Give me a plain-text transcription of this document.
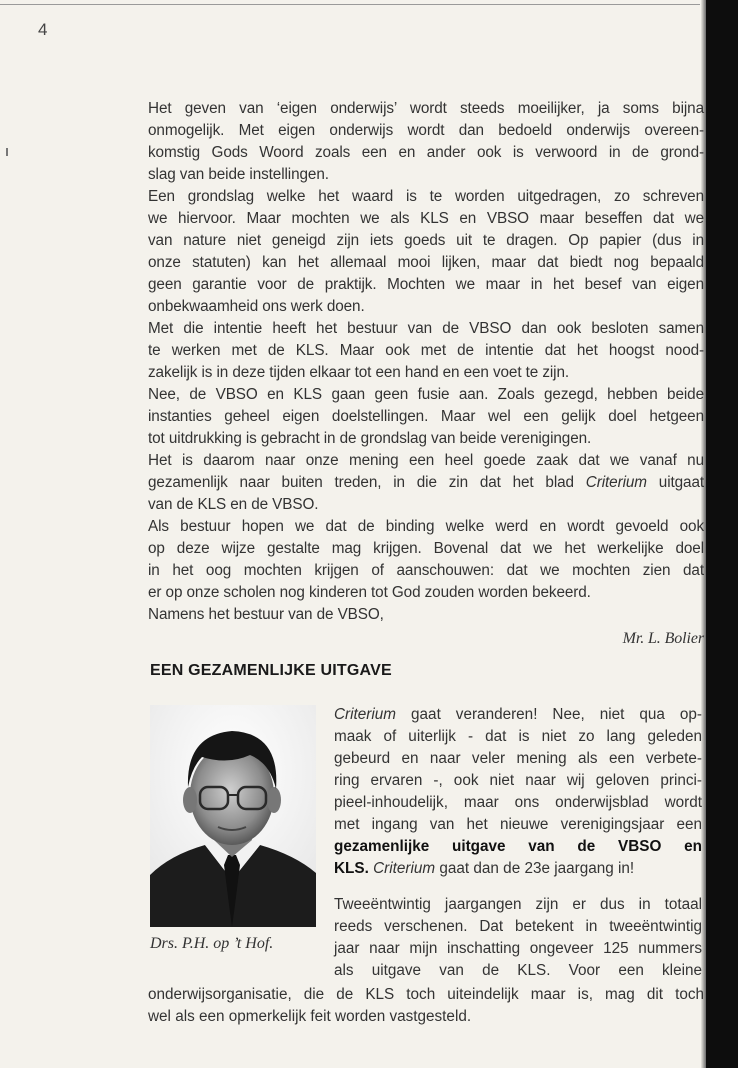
4
Het geven van ‘eigen onderwijs’ wordt steeds moeilijker, ja soms bijna
onmogelijk. Met eigen onderwijs wordt dan bedoeld onderwijs overeen-
komstig Gods Woord zoals een en ander ook is verwoord in de grond-
slag van beide instellingen.
Een grondslag welke het waard is te worden uitgedragen, zo schreven
we hiervoor. Maar mochten we als KLS en VBSO maar beseffen dat we
van nature niet geneigd zijn iets goeds uit te dragen. Op papier (dus in
onze statuten) kan het allemaal mooi lijken, maar dat biedt nog bepaald
geen garantie voor de praktijk. Mochten we maar in het besef van eigen
onbekwaamheid ons werk doen.
Met die intentie heeft het bestuur van de VBSO dan ook besloten samen
te werken met de KLS. Maar ook met de intentie dat het hoogst nood-
zakelijk is in deze tijden elkaar tot een hand en een voet te zijn.
Nee, de VBSO en KLS gaan geen fusie aan. Zoals gezegd, hebben beide
instanties geheel eigen doelstellingen. Maar wel een gelijk doel hetgeen
tot uitdrukking is gebracht in de grondslag van beide verenigingen.
Het is daarom naar onze mening een heel goede zaak dat we vanaf nu
gezamenlijk naar buiten treden, in die zin dat het blad Criterium uitgaat
van de KLS en de VBSO.
Als bestuur hopen we dat de binding welke werd en wordt gevoeld ook
op deze wijze gestalte mag krijgen. Bovenal dat we het werkelijke doel
in het oog mochten krijgen of aanschouwen: dat we mochten zien dat
er op onze scholen nog kinderen tot God zouden worden bekeerd.
Namens het bestuur van de VBSO,
Mr. L. Bolier
EEN GEZAMENLIJKE UITGAVE
Drs. P.H. op ’t Hof.
Criterium gaat veranderen! Nee, niet qua op-
maak of uiterlijk - dat is niet zo lang geleden
gebeurd en naar veler mening als een verbete-
ring ervaren -, ook niet naar wij geloven princi-
pieel-inhoudelijk, maar ons onderwijsblad wordt
met ingang van het nieuwe verenigingsjaar een
gezamenlijke uitgave van de VBSO en
KLS. Criterium gaat dan de 23e jaargang in!
Tweeëntwintig jaargangen zijn er dus in totaal
reeds verschenen. Dat betekent in tweeëntwintig
jaar naar mijn inschatting ongeveer 125 nummers
als uitgave van de KLS. Voor een kleine
onderwijsorganisatie, die de KLS toch uiteindelijk maar is, mag dit toch
wel als een opmerkelijk feit worden vastgesteld.
